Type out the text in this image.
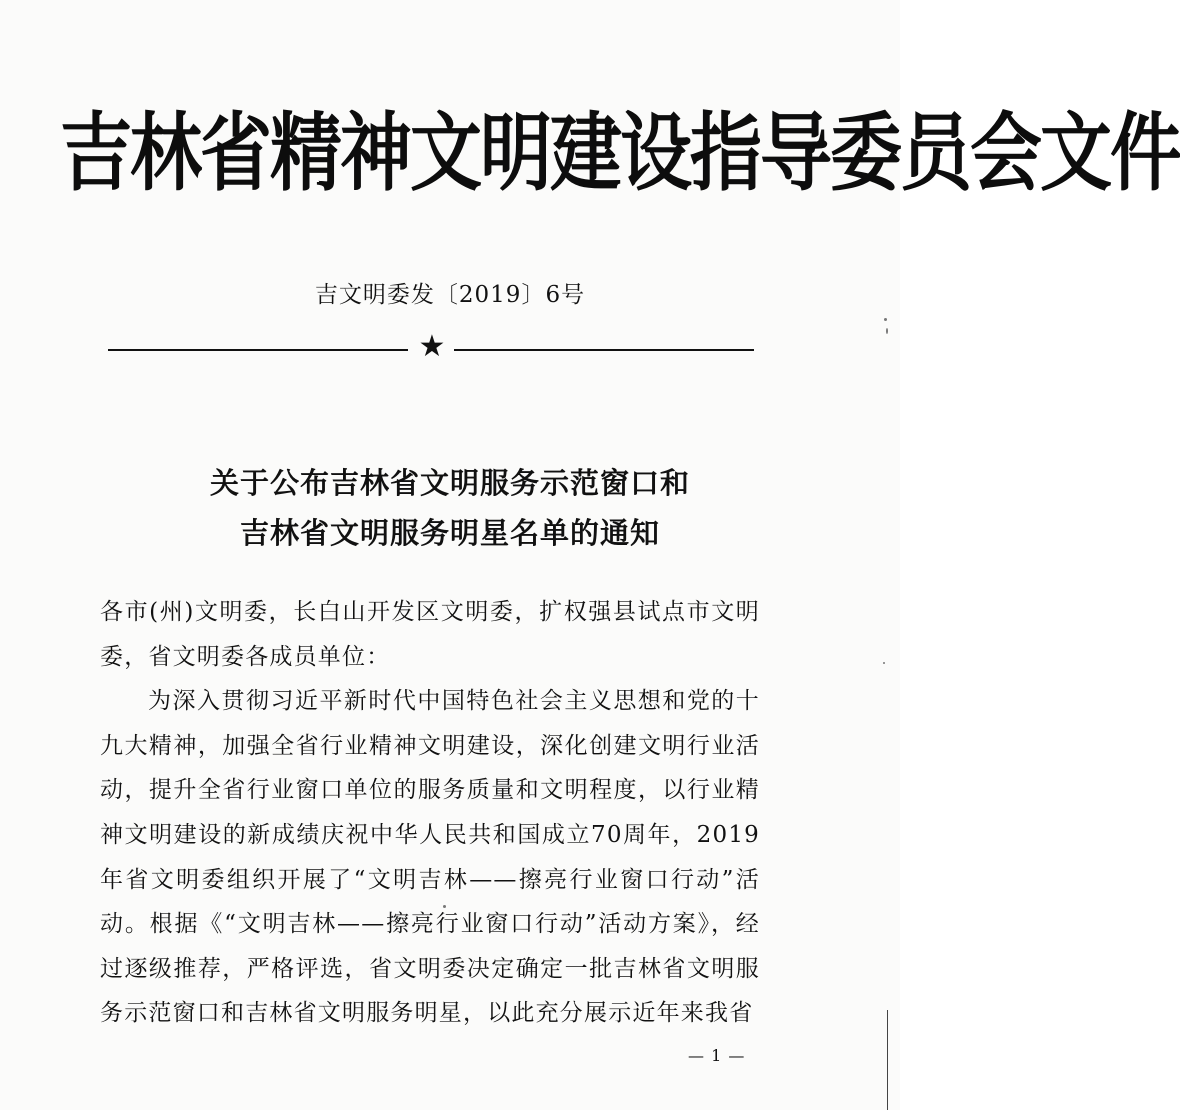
吉林省精神文明建设指导委员会文件
吉文明委发〔2019〕6号
★
关于公布吉林省文明服务示范窗口和
吉林省文明服务明星名单的通知

各市(州)文明委，长白山开发区文明委，扩权强县试点市文明委，省文明委各成员单位：

为深入贯彻习近平新时代中国特色社会主义思想和党的十九大精神，加强全省行业精神文明建设，深化创建文明行业活动，提升全省行业窗口单位的服务质量和文明程度，以行业精神文明建设的新成绩庆祝中华人民共和国成立70周年，2019年省文明委组织开展了“文明吉林——擦亮行业窗口行动”活动。根据《“文明吉林——擦亮行业窗口行动”活动方案》，经过逐级推荐，严格评选，省文明委决定确定一批吉林省文明服务示范窗口和吉林省文明服务明星，以此充分展示近年来我省

— 1 —
